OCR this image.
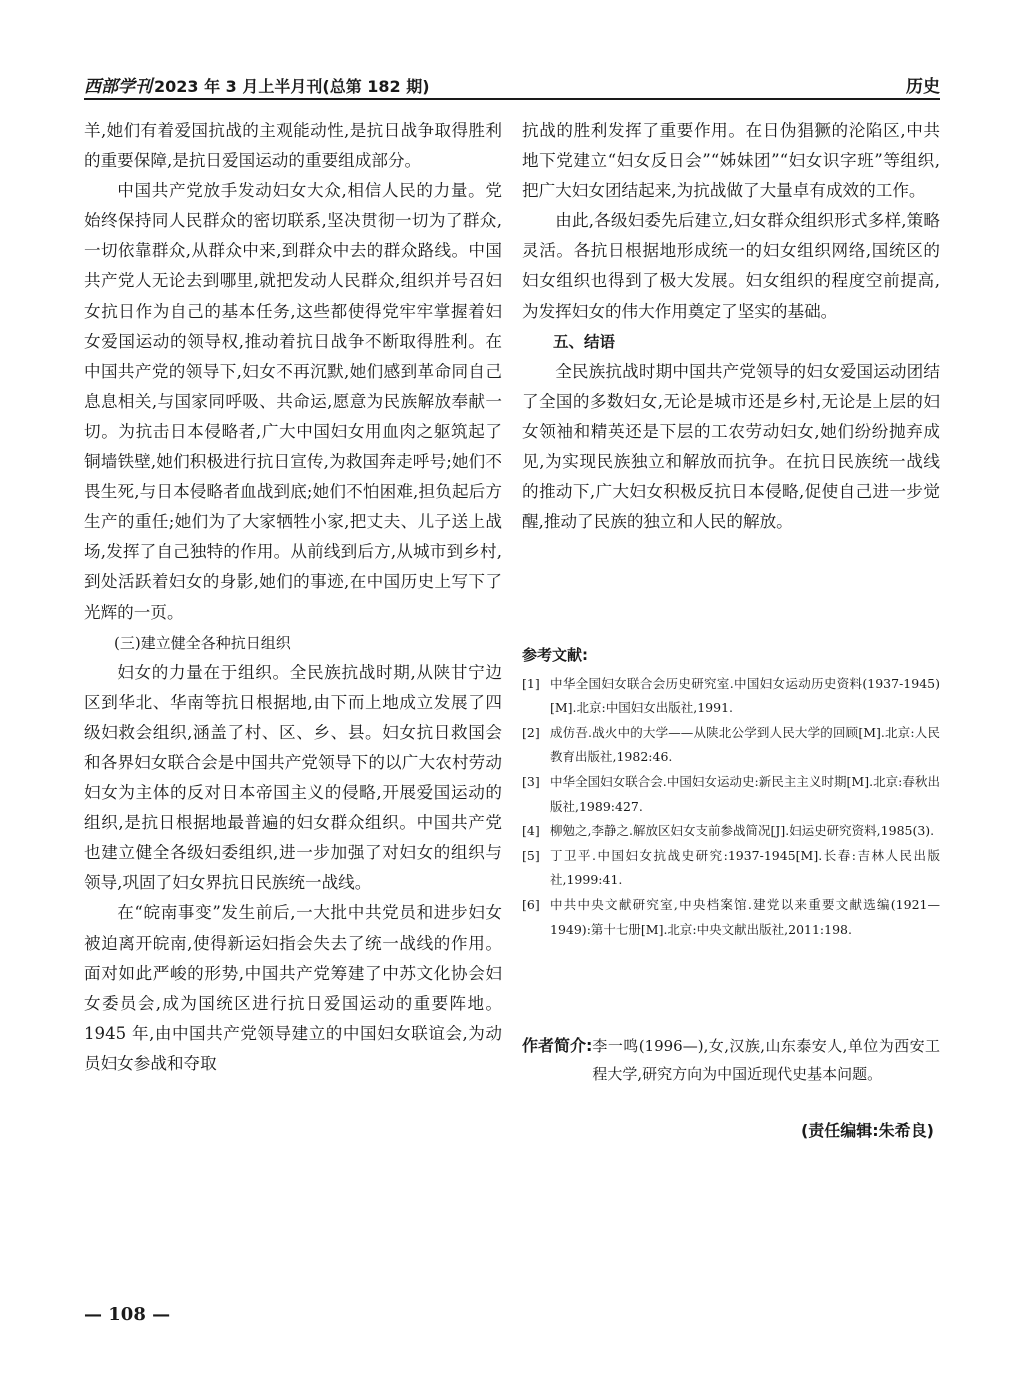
西部学刊 2023 年 3 月上半月刊(总第 182 期)	历史

羊,她们有着爱国抗战的主观能动性,是抗日战争取得胜利的重要保障,是抗日爱国运动的重要组成部分。

中国共产党放手发动妇女大众,相信人民的力量。党始终保持同人民群众的密切联系,坚决贯彻一切为了群众,一切依靠群众,从群众中来,到群众中去的群众路线。中国共产党人无论去到哪里,就把发动人民群众,组织并号召妇女抗日作为自己的基本任务,这些都使得党牢牢掌握着妇女爱国运动的领导权,推动着抗日战争不断取得胜利。在中国共产党的领导下,妇女不再沉默,她们感到革命同自己息息相关,与国家同呼吸、共命运,愿意为民族解放奉献一切。为抗击日本侵略者,广大中国妇女用血肉之躯筑起了铜墙铁壁,她们积极进行抗日宣传,为救国奔走呼号;她们不畏生死,与日本侵略者血战到底;她们不怕困难,担负起后方生产的重任;她们为了大家牺牲小家,把丈夫、儿子送上战场,发挥了自己独特的作用。从前线到后方,从城市到乡村,到处活跃着妇女的身影,她们的事迹,在中国历史上写下了光辉的一页。

(三)建立健全各种抗日组织

妇女的力量在于组织。全民族抗战时期,从陕甘宁边区到华北、华南等抗日根据地,由下而上地成立发展了四级妇救会组织,涵盖了村、区、乡、县。妇女抗日救国会和各界妇女联合会是中国共产党领导下的以广大农村劳动妇女为主体的反对日本帝国主义的侵略,开展爱国运动的组织,是抗日根据地最普遍的妇女群众组织。中国共产党也建立健全各级妇委组织,进一步加强了对妇女的组织与领导,巩固了妇女界抗日民族统一战线。

在“皖南事变”发生前后,一大批中共党员和进步妇女被迫离开皖南,使得新运妇指会失去了统一战线的作用。面对如此严峻的形势,中国共产党筹建了中苏文化协会妇女委员会,成为国统区进行抗日爱国运动的重要阵地。1945 年,由中国共产党领导建立的中国妇女联谊会,为动员妇女参战和夺取

抗战的胜利发挥了重要作用。在日伪猖獗的沦陷区,中共地下党建立“妇女反日会”“姊妹团”“妇女识字班”等组织,把广大妇女团结起来,为抗战做了大量卓有成效的工作。

由此,各级妇委先后建立,妇女群众组织形式多样,策略灵活。各抗日根据地形成统一的妇女组织网络,国统区的妇女组织也得到了极大发展。妇女组织的程度空前提高,为发挥妇女的伟大作用奠定了坚实的基础。

五、结语

全民族抗战时期中国共产党领导的妇女爱国运动团结了全国的多数妇女,无论是城市还是乡村,无论是上层的妇女领袖和精英还是下层的工农劳动妇女,她们纷纷抛弃成见,为实现民族独立和解放而抗争。在抗日民族统一战线的推动下,广大妇女积极反抗日本侵略,促使自己进一步觉醒,推动了民族的独立和人民的解放。

参考文献:
[1] 中华全国妇女联合会历史研究室.中国妇女运动历史资料(1937-1945)[M].北京:中国妇女出版社,1991.
[2] 成仿吾.战火中的大学——从陕北公学到人民大学的回顾[M].北京:人民教育出版社,1982:46.
[3] 中华全国妇女联合会.中国妇女运动史:新民主主义时期[M].北京:春秋出版社,1989:427.
[4] 柳勉之,李静之.解放区妇女支前参战简况[J].妇运史研究资料,1985(3).
[5] 丁卫平.中国妇女抗战史研究:1937-1945[M].长春:吉林人民出版社,1999:41.
[6] 中共中央文献研究室,中央档案馆.建党以来重要文献选编(1921—1949):第十七册[M].北京:中央文献出版社,2011:198.
作者简介: 李一鸣(1996—),女,汉族,山东泰安人,单位为西安工程大学,研究方向为中国近现代史基本问题。
(责任编辑:朱希良)
— 108 —
